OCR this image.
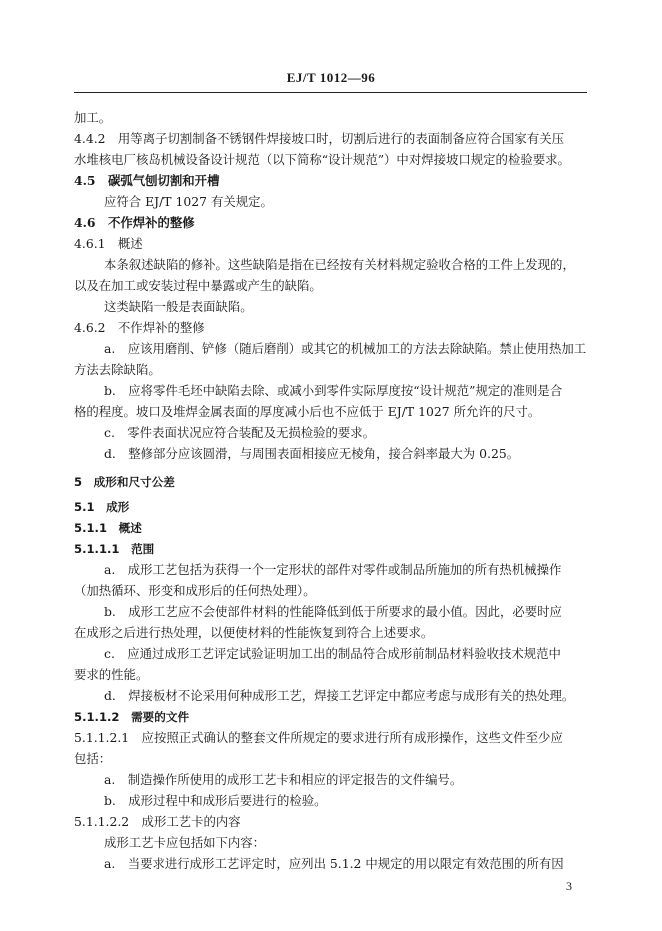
EJ/T 1012—96
加工。
4.4.2　用等离子切割制备不锈钢件焊接坡口时，切割后进行的表面制备应符合国家有关压
水堆核电厂核岛机械设备设计规范（以下简称“设计规范”）中对焊接坡口规定的检验要求。
4.5　碳弧气刨切割和开槽
应符合 EJ/T 1027 有关规定。
4.6　不作焊补的整修
4.6.1　概述
本条叙述缺陷的修补。这些缺陷是指在已经按有关材料规定验收合格的工件上发现的，
以及在加工或安装过程中暴露或产生的缺陷。
这类缺陷一般是表面缺陷。
4.6.2　不作焊补的整修
a.　应该用磨削、铲修（随后磨削）或其它的机械加工的方法去除缺陷。禁止使用热加工
方法去除缺陷。
b.　应将零件毛坯中缺陷去除、或减小到零件实际厚度按“设计规范”规定的准则是合
格的程度。坡口及堆焊金属表面的厚度减小后也不应低于 EJ/T 1027 所允许的尺寸。
c.　零件表面状况应符合装配及无损检验的要求。
d.　整修部分应该圆滑，与周围表面相接应无棱角，接合斜率最大为 0.25。
5　成形和尺寸公差
5.1　成形
5.1.1　概述
5.1.1.1　范围
a.　成形工艺包括为获得一个一定形状的部件对零件或制品所施加的所有热机械操作
（加热循环、形变和成形后的任何热处理）。
b.　成形工艺应不会使部件材料的性能降低到低于所要求的最小值。因此，必要时应
在成形之后进行热处理，以便使材料的性能恢复到符合上述要求。
c.　应通过成形工艺评定试验证明加工出的制品符合成形前制品材料验收技术规范中
要求的性能。
d.　焊接板材不论采用何种成形工艺，焊接工艺评定中都应考虑与成形有关的热处理。
5.1.1.2　需要的文件
5.1.1.2.1　应按照正式确认的整套文件所规定的要求进行所有成形操作，这些文件至少应
包括：
a.　制造操作所使用的成形工艺卡和相应的评定报告的文件编号。
b.　成形过程中和成形后要进行的检验。
5.1.1.2.2　成形工艺卡的内容
成形工艺卡应包括如下内容：
a.　当要求进行成形工艺评定时，应列出 5.1.2 中规定的用以限定有效范围的所有因
3
